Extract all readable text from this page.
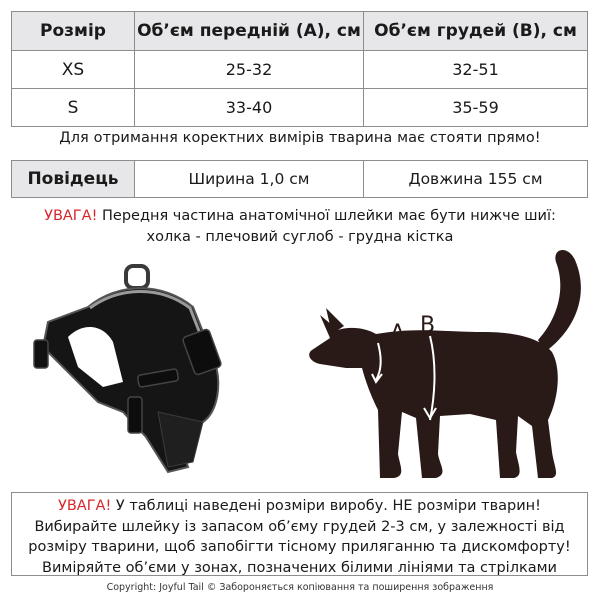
Розмір	Об’єм передній (А), см	Об’єм грудей (В), см
XS	25-32	32-51
S	33-40	35-59
Для отримання коректних вимірів тварина має стояти прямо!
Повідець	Ширина 1,0 см	Довжина 155 см
УВАГА! Передня частина анатомічної шлейки має бути нижче шиї:
холка - плечовий суглоб - грудна кістка
A B
УВАГА! У таблиці наведені розміри виробу. НЕ розміри тварин!
Вибирайте шлейку із запасом об’єму грудей 2-3 см, у залежності від
розміру тварини, щоб запобігти тісному приляганню та дискомфорту!
Виміряйте об’єми у зонах, позначених білими лініями та стрілками
Copyright: Joyful Tail © Забороняється копіювання та поширення зображення
